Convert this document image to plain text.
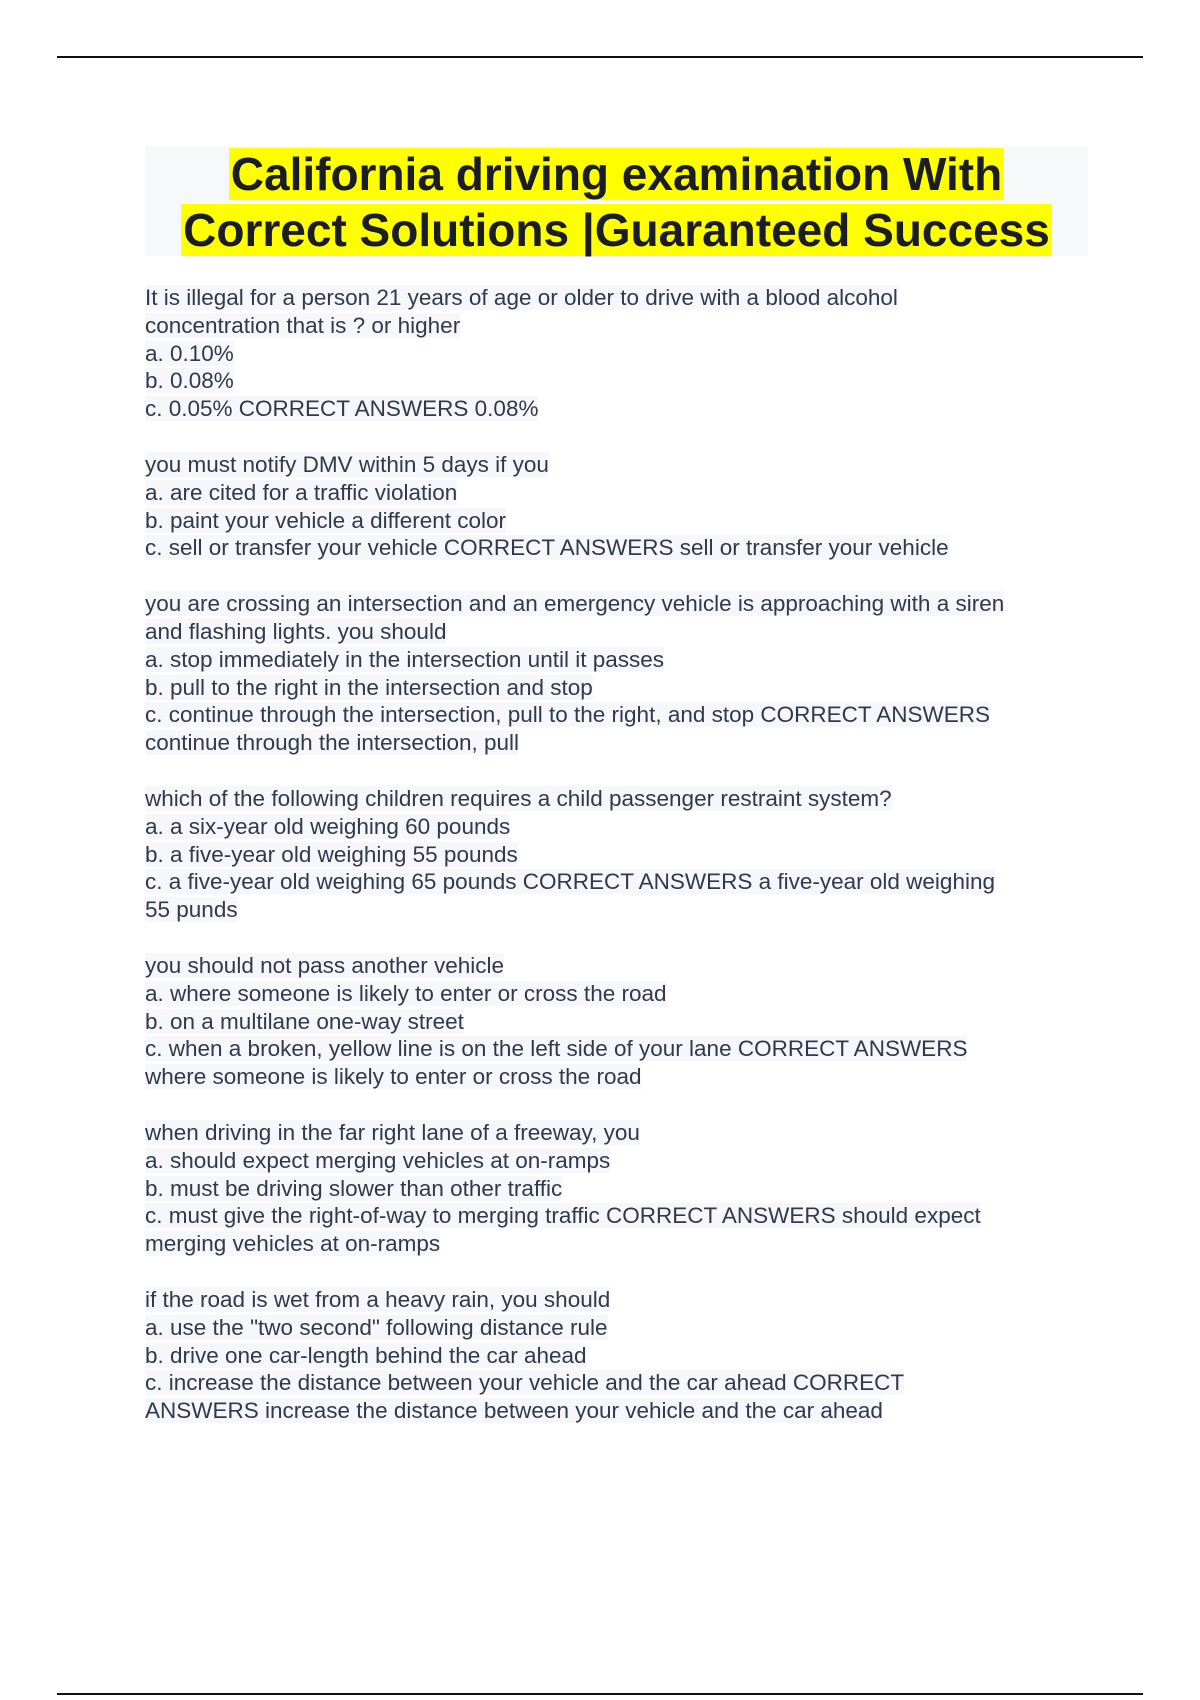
California driving examination With
Correct Solutions |Guaranteed Success
It is illegal for a person 21 years of age or older to drive with a blood alcohol
concentration that is ? or higher
a. 0.10%
b. 0.08%
c. 0.05% CORRECT ANSWERS 0.08%
you must notify DMV within 5 days if you
a. are cited for a traffic violation
b. paint your vehicle a different color
c. sell or transfer your vehicle CORRECT ANSWERS sell or transfer your vehicle
you are crossing an intersection and an emergency vehicle is approaching with a siren
and flashing lights. you should
a. stop immediately in the intersection until it passes
b. pull to the right in the intersection and stop
c. continue through the intersection, pull to the right, and stop CORRECT ANSWERS
continue through the intersection, pull
which of the following children requires a child passenger restraint system?
a. a six-year old weighing 60 pounds
b. a five-year old weighing 55 pounds
c. a five-year old weighing 65 pounds CORRECT ANSWERS a five-year old weighing
55 punds
you should not pass another vehicle
a. where someone is likely to enter or cross the road
b. on a multilane one-way street
c. when a broken, yellow line is on the left side of your lane CORRECT ANSWERS
where someone is likely to enter or cross the road
when driving in the far right lane of a freeway, you
a. should expect merging vehicles at on-ramps
b. must be driving slower than other traffic
c. must give the right-of-way to merging traffic CORRECT ANSWERS should expect
merging vehicles at on-ramps
if the road is wet from a heavy rain, you should
a. use the "two second" following distance rule
b. drive one car-length behind the car ahead
c. increase the distance between your vehicle and the car ahead CORRECT
ANSWERS increase the distance between your vehicle and the car ahead
